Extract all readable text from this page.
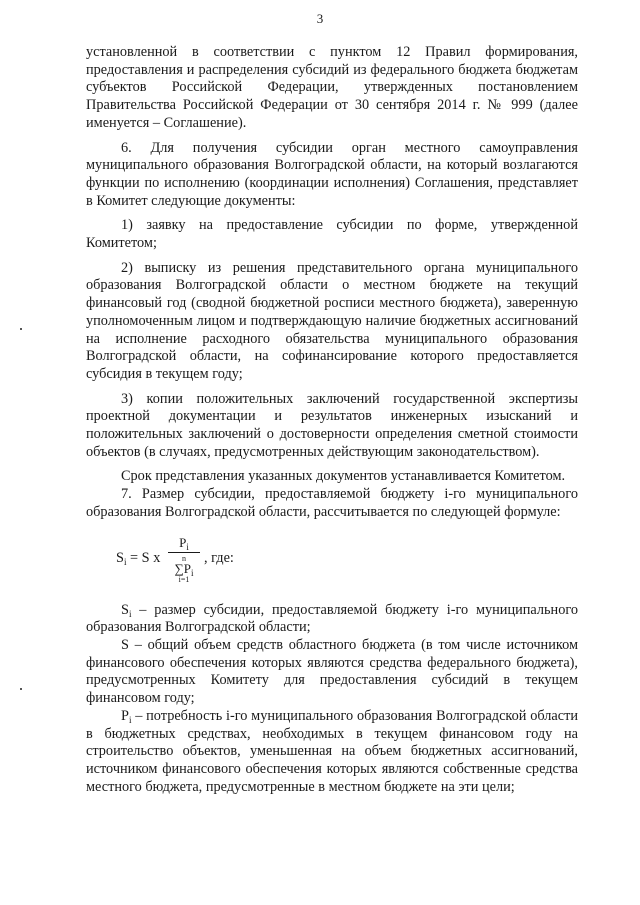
3

установленной в соответствии с пунктом 12 Правил формирования, предоставления и распределения субсидий из федерального бюджета бюджетам субъектов Российской Федерации, утвержденных постановлением Правительства Российской Федерации от 30 сентября 2014 г. № 999 (далее именуется – Соглашение).

6. Для получения субсидии орган местного самоуправления муниципального образования Волгоградской области, на который возлагаются функции по исполнению (координации исполнения) Соглашения, представляет в Комитет следующие документы:

1) заявку на предоставление субсидии по форме, утвержденной Комитетом;

2) выписку из решения представительного органа муниципального образования Волгоградской области о местном бюджете на текущий финансовый год (сводной бюджетной росписи местного бюджета), заверенную уполномоченным лицом и подтверждающую наличие бюджетных ассигнований на исполнение расходного обязательства муниципального образования Волгоградской области, на софинансирование которого предоставляется субсидия в текущем году;

3) копии положительных заключений государственной экспертизы проектной документации и результатов инженерных изысканий и положительных заключений о достоверности определения сметной стоимости объектов (в случаях, предусмотренных действующим законодательством).

Срок представления указанных документов устанавливается Комитетом.

7. Размер субсидии, предоставляемой бюджету i-го муниципального образования Волгоградской области, рассчитывается по следующей формуле:

$S_i = S$ x
$P_i$
n
$\sum P_i$
i=1
, где:

$S_i$ – размер субсидии, предоставляемой бюджету i-го муниципального образования Волгоградской области;

S – общий объем средств областного бюджета (в том числе источником финансового обеспечения которых являются средства федерального бюджета), предусмотренных Комитету для предоставления субсидий в текущем финансовом году;

$P_i$ – потребность i-го муниципального образования Волгоградской области в бюджетных средствах, необходимых в текущем финансовом году на строительство объектов, уменьшенная на объем бюджетных ассигнований, источником финансового обеспечения которых являются собственные средства местного бюджета, предусмотренные в местном бюджете на эти цели;
